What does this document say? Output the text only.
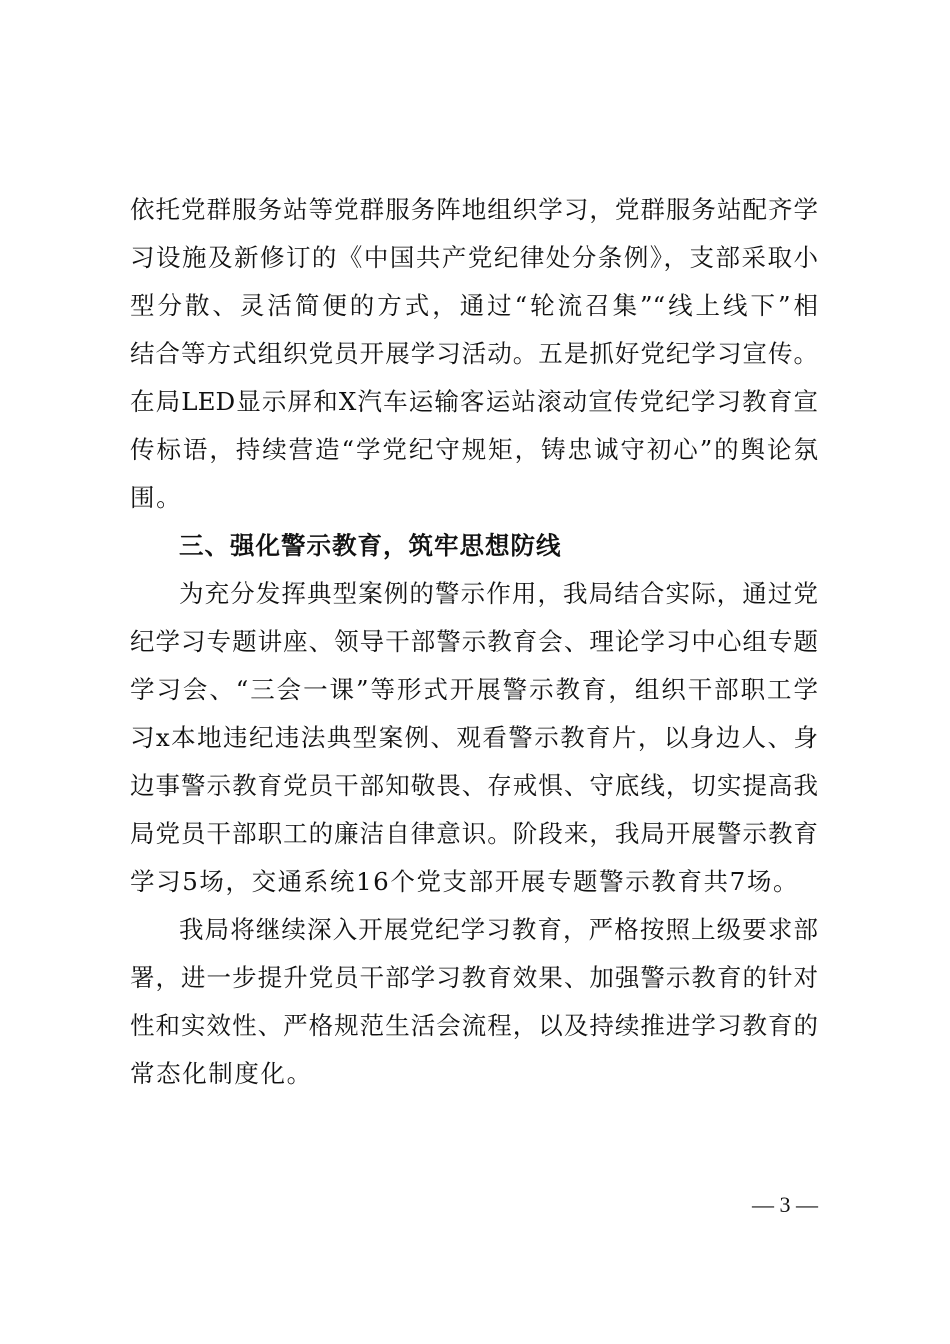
依托党群服务站等党群服务阵地组织学习，党群服务站配齐学
习设施及新修订的《中国共产党纪律处分条例》，支部采取小
型分散、灵活简便的方式，通过“轮流召集”“线上线下”相
结合等方式组织党员开展学习活动。五是抓好党纪学习宣传。
在局LED显示屏和X汽车运输客运站滚动宣传党纪学习教育宣
传标语，持续营造“学党纪守规矩，铸忠诚守初心”的舆论氛
围。
三、强化警示教育，筑牢思想防线
为充分发挥典型案例的警示作用，我局结合实际，通过党
纪学习专题讲座、领导干部警示教育会、理论学习中心组专题
学习会、“三会一课”等形式开展警示教育，组织干部职工学
习x本地违纪违法典型案例、观看警示教育片，以身边人、身
边事警示教育党员干部知敬畏、存戒惧、守底线，切实提高我
局党员干部职工的廉洁自律意识。阶段来，我局开展警示教育
学习5场，交通系统16个党支部开展专题警示教育共7场。
我局将继续深入开展党纪学习教育，严格按照上级要求部
署，进一步提升党员干部学习教育效果、加强警示教育的针对
性和实效性、严格规范生活会流程，以及持续推进学习教育的
常态化制度化。
— 3 —
